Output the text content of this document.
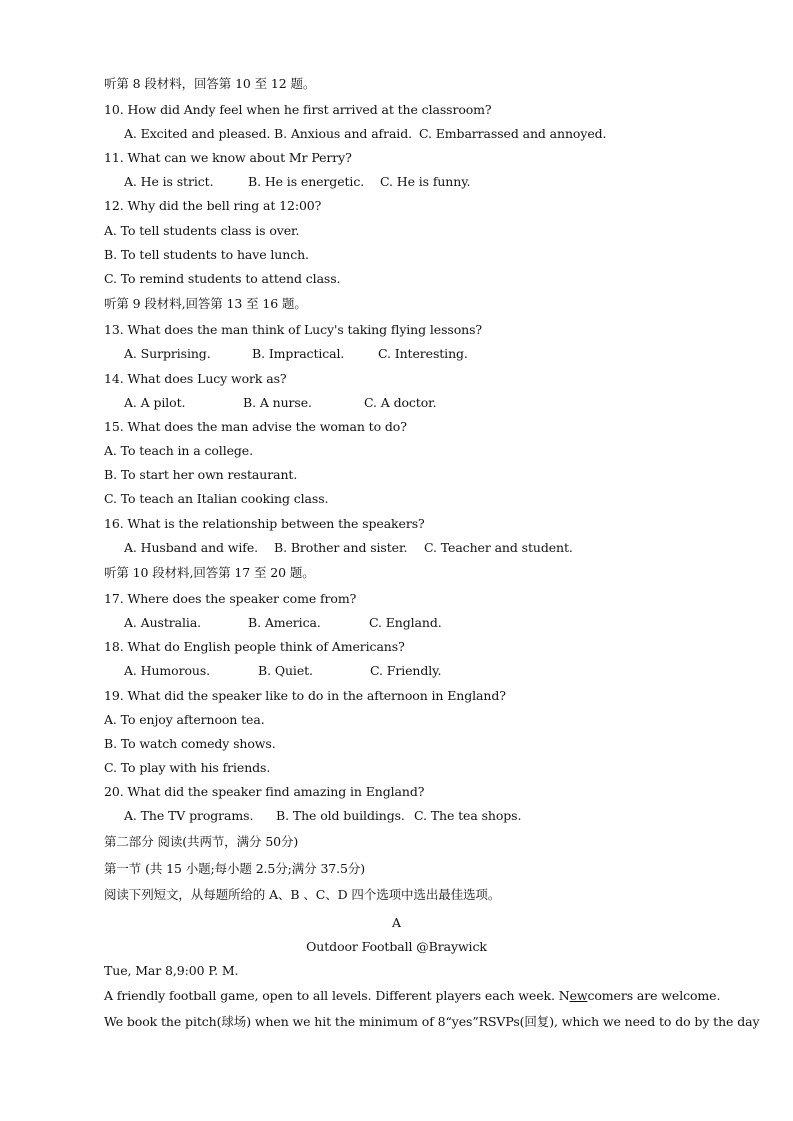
听第 8 段材料，回答第 10 至 12 题。
10. How did Andy feel when he first arrived at the classroom?
A. Excited and pleased. B. Anxious and afraid. C. Embarrassed and annoyed.
11. What can we know about Mr Perry?
A. He is strict.	B. He is energetic. C. He is funny.
12. Why did the bell ring at 12:00?
A. To tell students class is over.
B. To tell students to have lunch.
C. To remind students to attend class.
听第 9 段材料,回答第 13 至 16 题。
13. What does the man think of Lucy's taking flying lessons?
A. Surprising.	B. Impractical.	C. Interesting.
14. What does Lucy work as?
A. A pilot.	B. A nurse.	C. A doctor.
15. What does the man advise the woman to do?
A. To teach in a college.
B. To start her own restaurant.
C. To teach an Italian cooking class.
16. What is the relationship between the speakers?
A. Husband and wife. B. Brother and sister. C. Teacher and student.
听第 10 段材料,回答第 17 至 20 题。
17. Where does the speaker come from?
A. Australia.	B. America.	C. England.
18. What do English people think of Americans?
A. Humorous.	B. Quiet.	C. Friendly.
19. What did the speaker like to do in the afternoon in England?
A. To enjoy afternoon tea.
B. To watch comedy shows.
C. To play with his friends.
20. What did the speaker find amazing in England?
A. The TV programs. B. The old buildings. C. The tea shops.
第二部分 阅读(共两节，满分 50分)
第一节 (共 15 小题;每小题 2.5分;满分 37.5分)
阅读下列短文，从每题所给的 A、B 、C、D 四个选项中选出最佳选项。
A
Outdoor Football @Braywick
Tue, Mar 8,9:00 P. M.
A friendly football game, open to all levels. Different players each week. Newcomers are welcome.
We book the pitch(球场) when we hit the minimum of 8“yes”RSVPs(回复), which we need to do by the day
